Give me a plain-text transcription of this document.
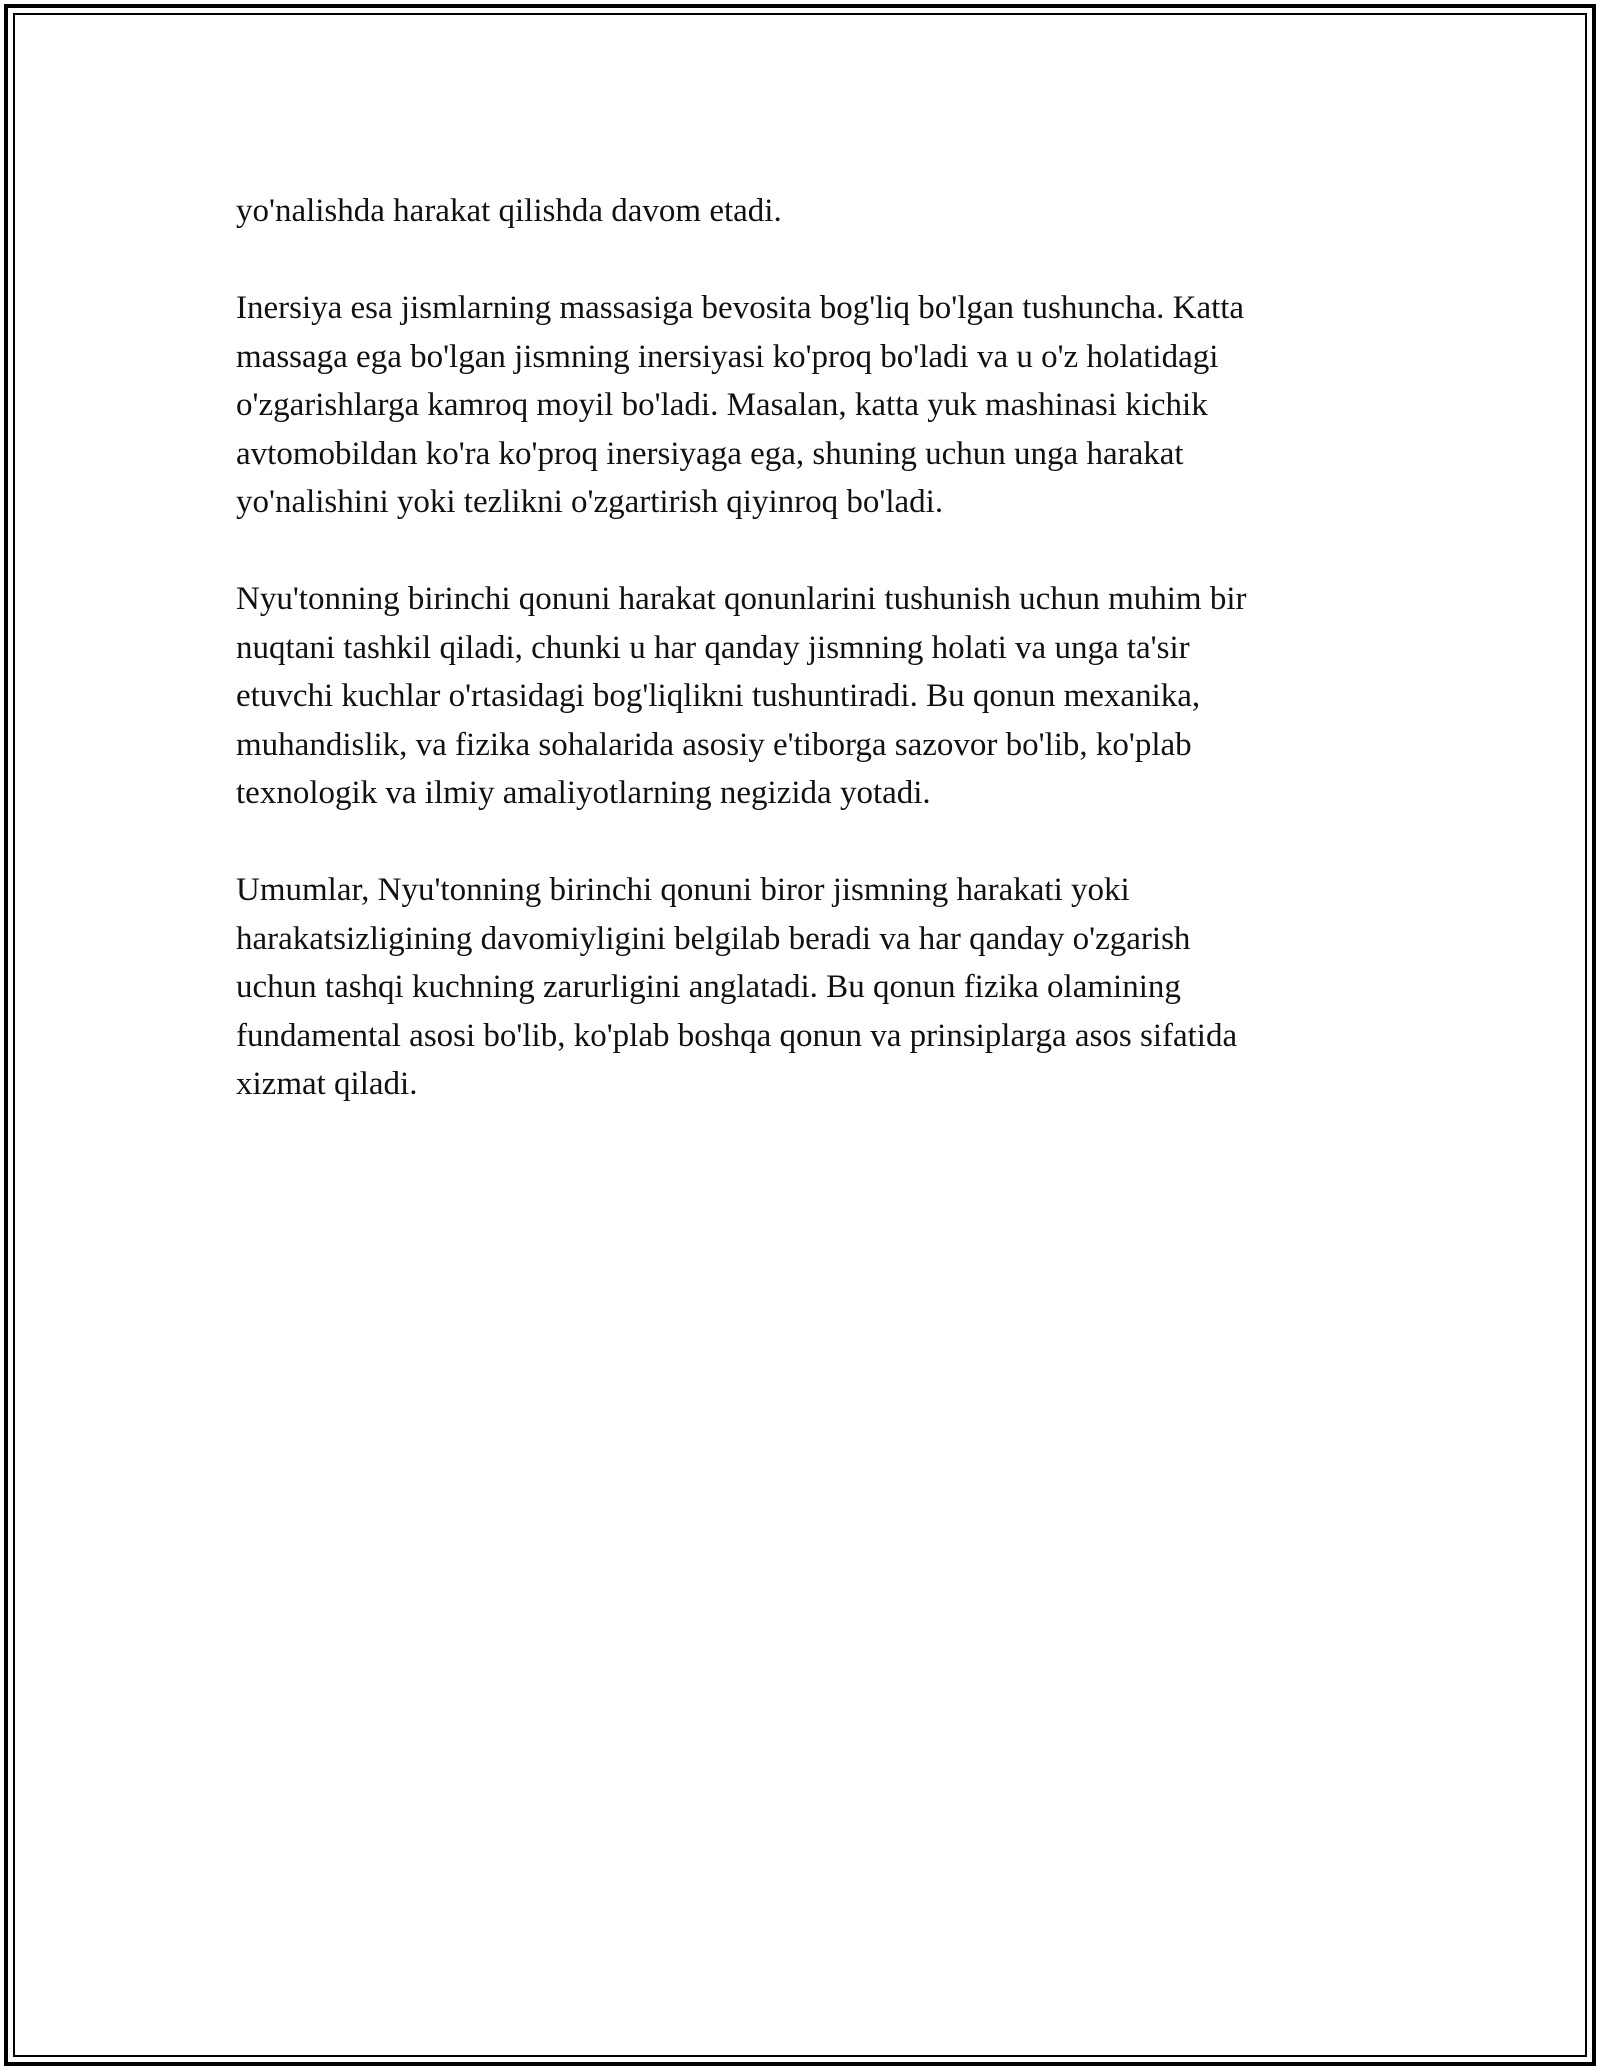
yo'nalishda harakat qilishda davom etadi.

Inersiya esa jismlarning massasiga bevosita bog'liq bo'lgan tushuncha. Katta
massaga ega bo'lgan jismning inersiyasi ko'proq bo'ladi va u o'z holatidagi
o'zgarishlarga kamroq moyil bo'ladi. Masalan, katta yuk mashinasi kichik
avtomobildan ko'ra ko'proq inersiyaga ega, shuning uchun unga harakat
yo'nalishini yoki tezlikni o'zgartirish qiyinroq bo'ladi.

Nyu'tonning birinchi qonuni harakat qonunlarini tushunish uchun muhim bir
nuqtani tashkil qiladi, chunki u har qanday jismning holati va unga ta'sir
etuvchi kuchlar o'rtasidagi bog'liqlikni tushuntiradi. Bu qonun mexanika,
muhandislik, va fizika sohalarida asosiy e'tiborga sazovor bo'lib, ko'plab
texnologik va ilmiy amaliyotlarning negizida yotadi.

Umumlar, Nyu'tonning birinchi qonuni biror jismning harakati yoki
harakatsizligining davomiyligini belgilab beradi va har qanday o'zgarish
uchun tashqi kuchning zarurligini anglatadi. Bu qonun fizika olamining
fundamental asosi bo'lib, ko'plab boshqa qonun va prinsiplarga asos sifatida
xizmat qiladi.
